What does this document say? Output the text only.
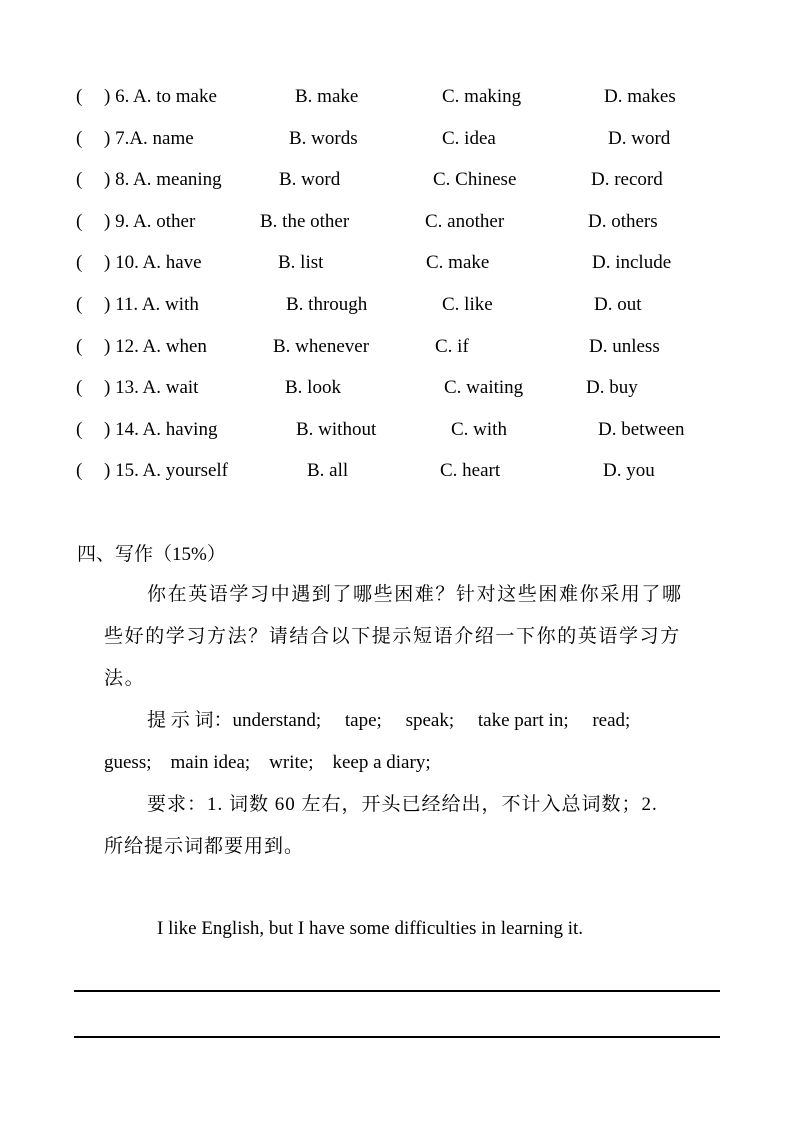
( ) 6. A. to make	B. make	C. making	D. makes
( ) 7.A. name	B. words	C. idea	D. word
( ) 8. A. meaning	B. word	C. Chinese	D. record
( ) 9. A. other	B. the other	C. another	D. others
( ) 10. A. have	B. list	C. make	D. include
( ) 11. A. with	B. through	C. like	D. out
( ) 12. A. when	B. whenever	C. if	D. unless
( ) 13. A. wait	B. look	C. waiting	D. buy
( ) 14. A. having	B. without	C. with	D. between
( ) 15. A. yourself	B. all	C. heart	D. you
四、写作（15%）
你在英语学习中遇到了哪些困难？针对这些困难你采用了哪
些好的学习方法？请结合以下提示短语介绍一下你的英语学习方
法。
提 示 词：understand;     tape;     speak;     take part in;     read;
guess;    main idea;    write;    keep a diary;
要求：1. 词数 60 左右，开头已经给出，不计入总词数；2.
所给提示词都要用到。
I like English, but I have some difficulties in learning it.
